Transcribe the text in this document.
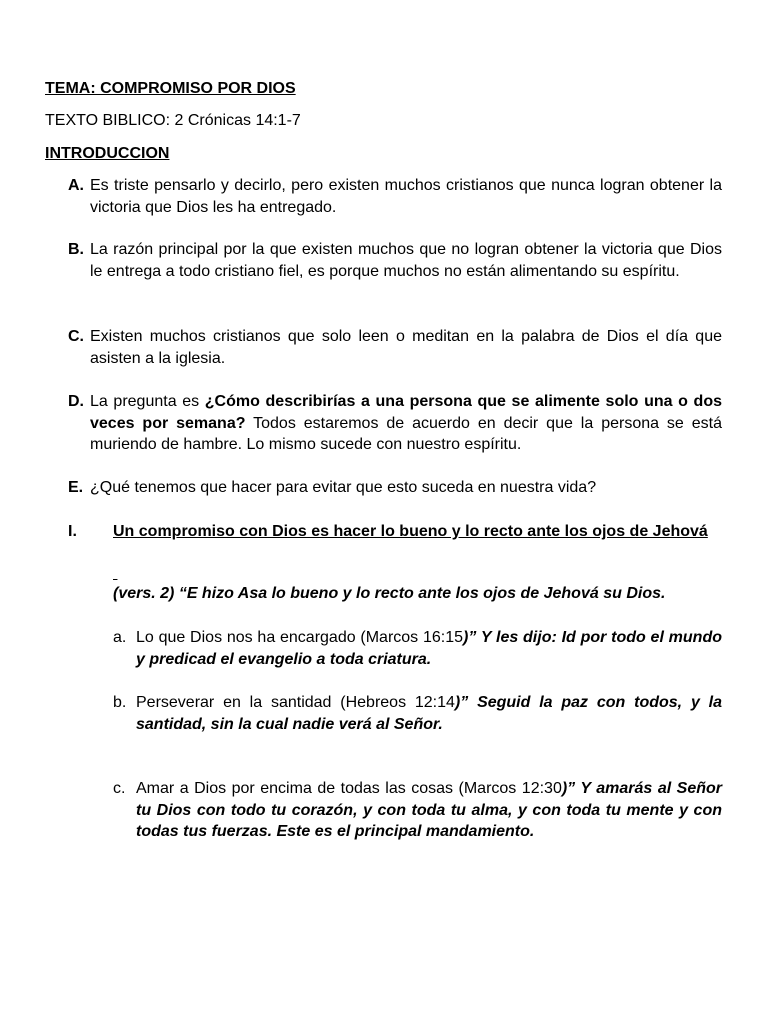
TEMA: COMPROMISO POR DIOS
TEXTO BIBLICO: 2 Crónicas 14:1-7
INTRODUCCION
A. Es triste pensarlo y decirlo, pero existen muchos cristianos que nunca logran obtener la victoria que Dios les ha entregado.
B. La razón principal por la que existen muchos que no logran obtener la victoria que Dios le entrega a todo cristiano fiel, es porque muchos no están alimentando su espíritu.
C. Existen muchos cristianos que solo leen o meditan en la palabra de Dios el día que asisten a la iglesia.
D. La pregunta es ¿Cómo describirías a una persona que se alimente solo una o dos veces por semana? Todos estaremos de acuerdo en decir que la persona se está muriendo de hambre. Lo mismo sucede con nuestro espíritu.
E. ¿Qué tenemos que hacer para evitar que esto suceda en nuestra vida?
I. Un compromiso con Dios es hacer lo bueno y lo recto ante los ojos de Jehová

(vers. 2) “E hizo Asa lo bueno y lo recto ante los ojos de Jehová su Dios.
a. Lo que Dios nos ha encargado (Marcos 16:15)” Y les dijo: Id por todo el mundo y predicad el evangelio a toda criatura.
b. Perseverar en la santidad (Hebreos 12:14)” Seguid la paz con todos, y la santidad, sin la cual nadie verá al Señor.
c. Amar a Dios por encima de todas las cosas (Marcos 12:30)” Y amarás al Señor tu Dios con todo tu corazón, y con toda tu alma, y con toda tu mente y con todas tus fuerzas. Este es el principal mandamiento.
